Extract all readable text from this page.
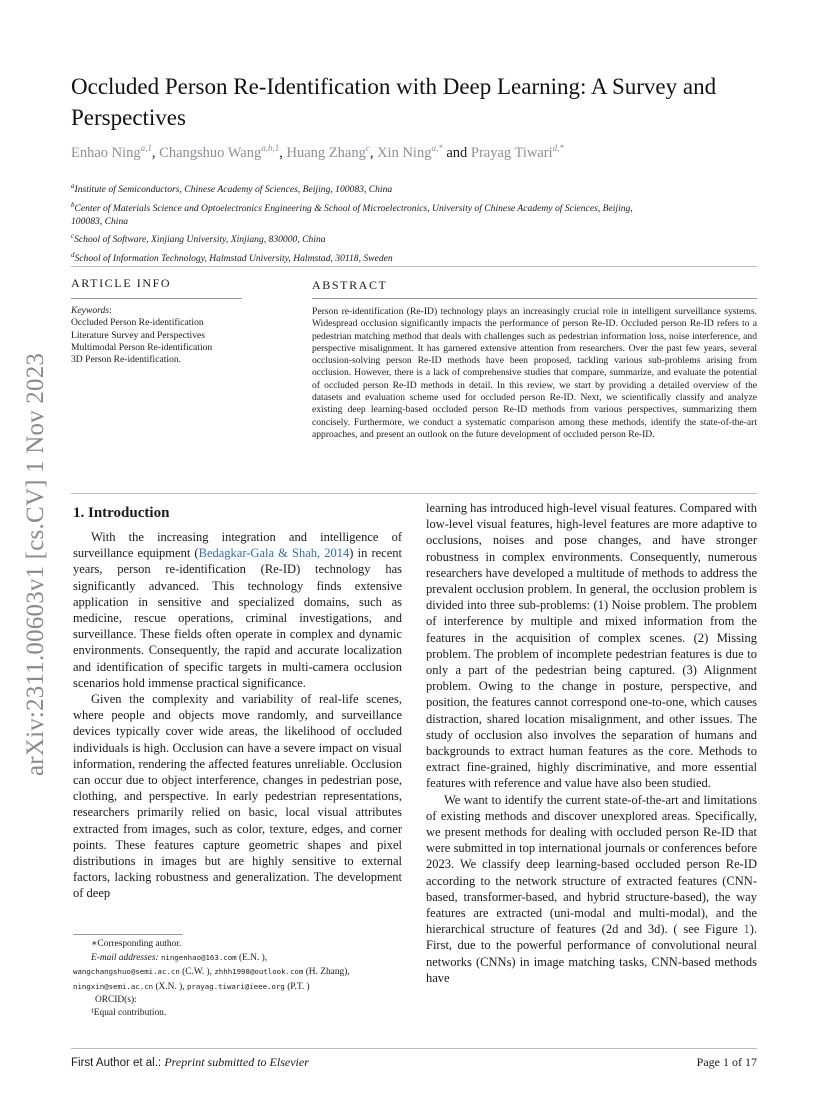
arXiv:2311.00603v1 [cs.CV] 1 Nov 2023
Occluded Person Re-Identification with Deep Learning: A Survey and Perspectives
Enhao Ning$^{a,1}$, Changshuo Wang$^{a,b,1}$, Huang Zhang$^c$, Xin Ning$^{a,*}$ and Prayag Tiwari$^{d,*}$
$^a$Institute of Semiconductors, Chinese Academy of Sciences, Beijing, 100083, China
$^b$Center of Materials Science and Optoelectronics Engineering & School of Microelectronics, University of Chinese Academy of Sciences, Beijing, 100083, China
$^c$School of Software, Xinjiang University, Xinjiang, 830000, China
$^d$School of Information Technology, Halmstad University, Halmstad, 30118, Sweden
ARTICLE INFO	ABSTRACT
Keywords:
Occluded Person Re-identification
Literature Survey and Perspectives
Multimodal Person Re-identification
3D Person Re-identification.
Person re-identification (Re-ID) technology plays an increasingly crucial role in intelligent surveillance systems. Widespread occlusion significantly impacts the performance of person Re-ID. Occluded person Re-ID refers to a pedestrian matching method that deals with challenges such as pedestrian information loss, noise interference, and perspective misalignment. It has garnered extensive attention from researchers. Over the past few years, several occlusion-solving person Re-ID methods have been proposed, tackling various sub-problems arising from occlusion. However, there is a lack of comprehensive studies that compare, summarize, and evaluate the potential of occluded person Re-ID methods in detail. In this review, we start by providing a detailed overview of the datasets and evaluation scheme used for occluded person Re-ID. Next, we scientifically classify and analyze existing deep learning-based occluded person Re-ID methods from various perspectives, summarizing them concisely. Furthermore, we conduct a systematic comparison among these methods, identify the state-of-the-art approaches, and present an outlook on the future development of occluded person Re-ID.
1. Introduction

With the increasing integration and intelligence of surveillance equipment (Bedagkar-Gala & Shah, 2014) in recent years, person re-identification (Re-ID) technology has significantly advanced. This technology finds extensive application in sensitive and specialized domains, such as medicine, rescue operations, criminal investigations, and surveillance. These fields often operate in complex and dynamic environments. Consequently, the rapid and accurate localization and identification of specific targets in multi-camera occlusion scenarios hold immense practical significance.

Given the complexity and variability of real-life scenes, where people and objects move randomly, and surveillance devices typically cover wide areas, the likelihood of occluded individuals is high. Occlusion can have a severe impact on visual information, rendering the affected features unreliable. Occlusion can occur due to object interference, changes in pedestrian pose, clothing, and perspective. In early pedestrian representations, researchers primarily relied on basic, local visual attributes extracted from images, such as color, texture, edges, and corner points. These features capture geometric shapes and pixel distributions in images but are highly sensitive to external factors, lacking robustness and generalization. The development of deep

learning has introduced high-level visual features. Compared with low-level visual features, high-level features are more adaptive to occlusions, noises and pose changes, and have stronger robustness in complex environments. Consequently, numerous researchers have developed a multitude of methods to address the prevalent occlusion problem. In general, the occlusion problem is divided into three sub-problems: (1) Noise problem. The problem of interference by multiple and mixed information from the features in the acquisition of complex scenes. (2) Missing problem. The problem of incomplete pedestrian features is due to only a part of the pedestrian being captured. (3) Alignment problem. Owing to the change in posture, perspective, and position, the features cannot correspond one-to-one, which causes distraction, shared location misalignment, and other issues. The study of occlusion also involves the separation of humans and backgrounds to extract human features as the core. Methods to extract fine-grained, highly discriminative, and more essential features with reference and value have also been studied.

We want to identify the current state-of-the-art and limitations of existing methods and discover unexplored areas. Specifically, we present methods for dealing with occluded person Re-ID that were submitted in top international journals or conferences before 2023. We classify deep learning-based occluded person Re-ID according to the network structure of extracted features (CNN-based, transformer-based, and hybrid structure-based), the way features are extracted (uni-modal and multi-modal), and the hierarchical structure of features (2d and 3d). ( see Figure 1). First, due to the powerful performance of convolutional neural networks (CNNs) in image matching tasks, CNN-based methods have

∗Corresponding author.
E-mail addresses: ningenhao@163.com (E.N. ),
wangchangshuo@semi.ac.cn (C.W. ), zhhh1998@outlook.com (H. Zhang),
ningxin@semi.ac.cn (X.N. ), prayag.tiwari@ieee.org (P.T. )
ORCID(s):
¹Equal contribution.
First Author et al.: Preprint submitted to Elsevier	Page 1 of 17
